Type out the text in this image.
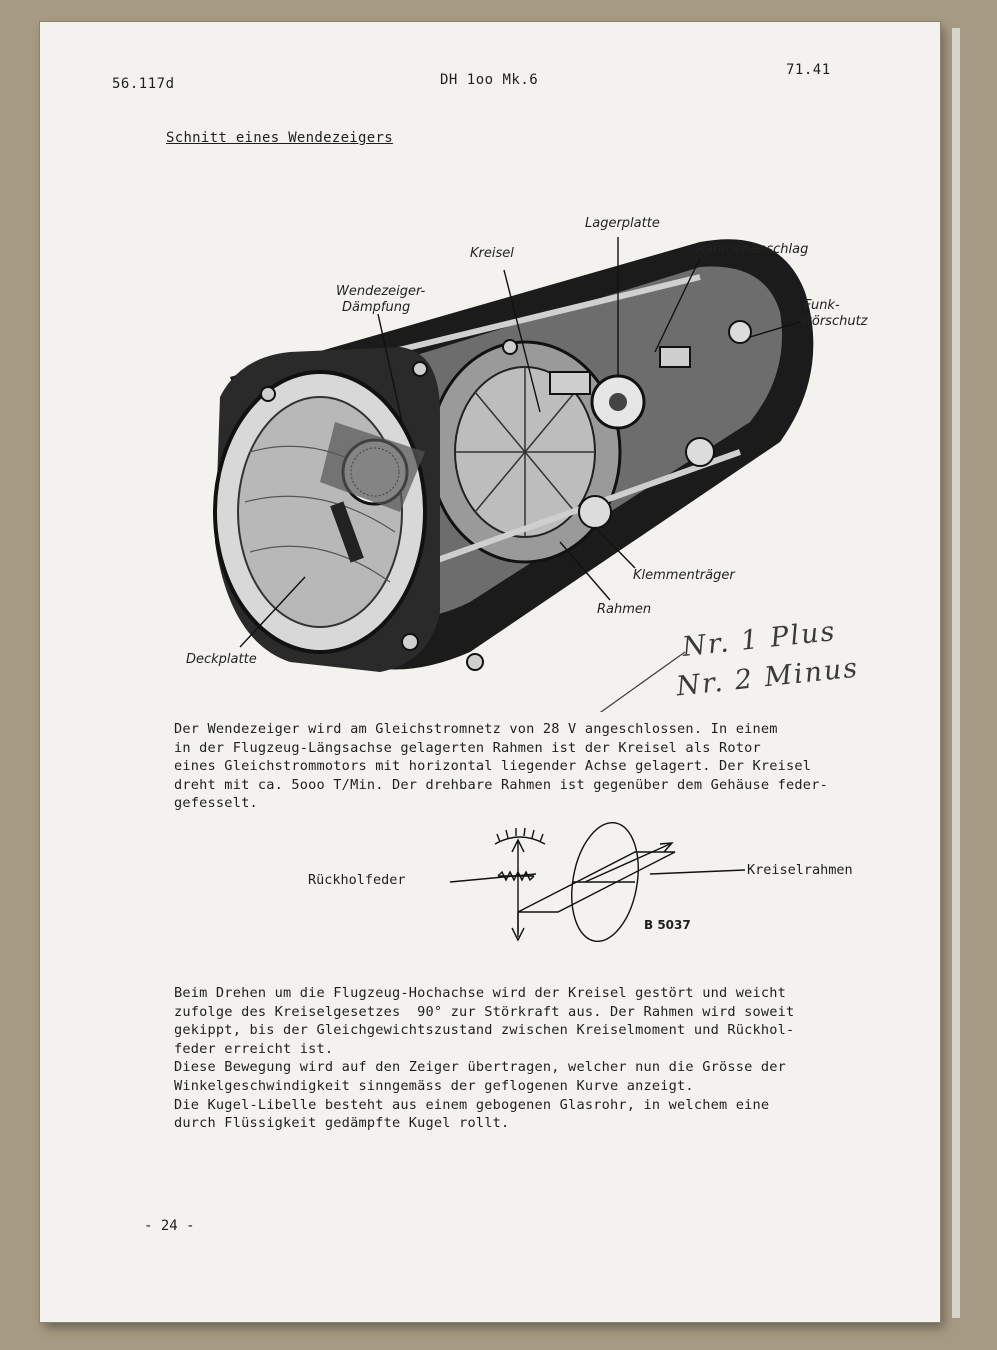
56.117d	DH 1oo Mk.6
71.41
Schnitt eines Wendezeigers
Kreisel
Lagerplatte
Rahmenanschlag
Wendezeiger-
Dämpfung	Funk-
störschutz
Klemmenträger
Rahmen
Deckplatte	Nr. 1 Plus
Nr. 2 Minus
Der Wendezeiger wird am Gleichstromnetz von 28 V angeschlossen. In einem
in der Flugzeug-Längsachse gelagerten Rahmen ist der Kreisel als Rotor
eines Gleichstrommotors mit horizontal liegender Achse gelagert. Der Kreisel
dreht mit ca. 5ooo T/Min. Der drehbare Rahmen ist gegenüber dem Gehäuse feder-
gefesselt.
Rückholfeder
Kreiselrahmen
B 5037
Beim Drehen um die Flugzeug-Hochachse wird der Kreisel gestört und weicht
zufolge des Kreiselgesetzes  90° zur Störkraft aus. Der Rahmen wird soweit
gekippt, bis der Gleichgewichtszustand zwischen Kreiselmoment und Rückhol-
feder erreicht ist.
Diese Bewegung wird auf den Zeiger übertragen, welcher nun die Grösse der
Winkelgeschwindigkeit sinngemäss der geflogenen Kurve anzeigt.
Die Kugel-Libelle besteht aus einem gebogenen Glasrohr, in welchem eine
durch Flüssigkeit gedämpfte Kugel rollt.
- 24 -
